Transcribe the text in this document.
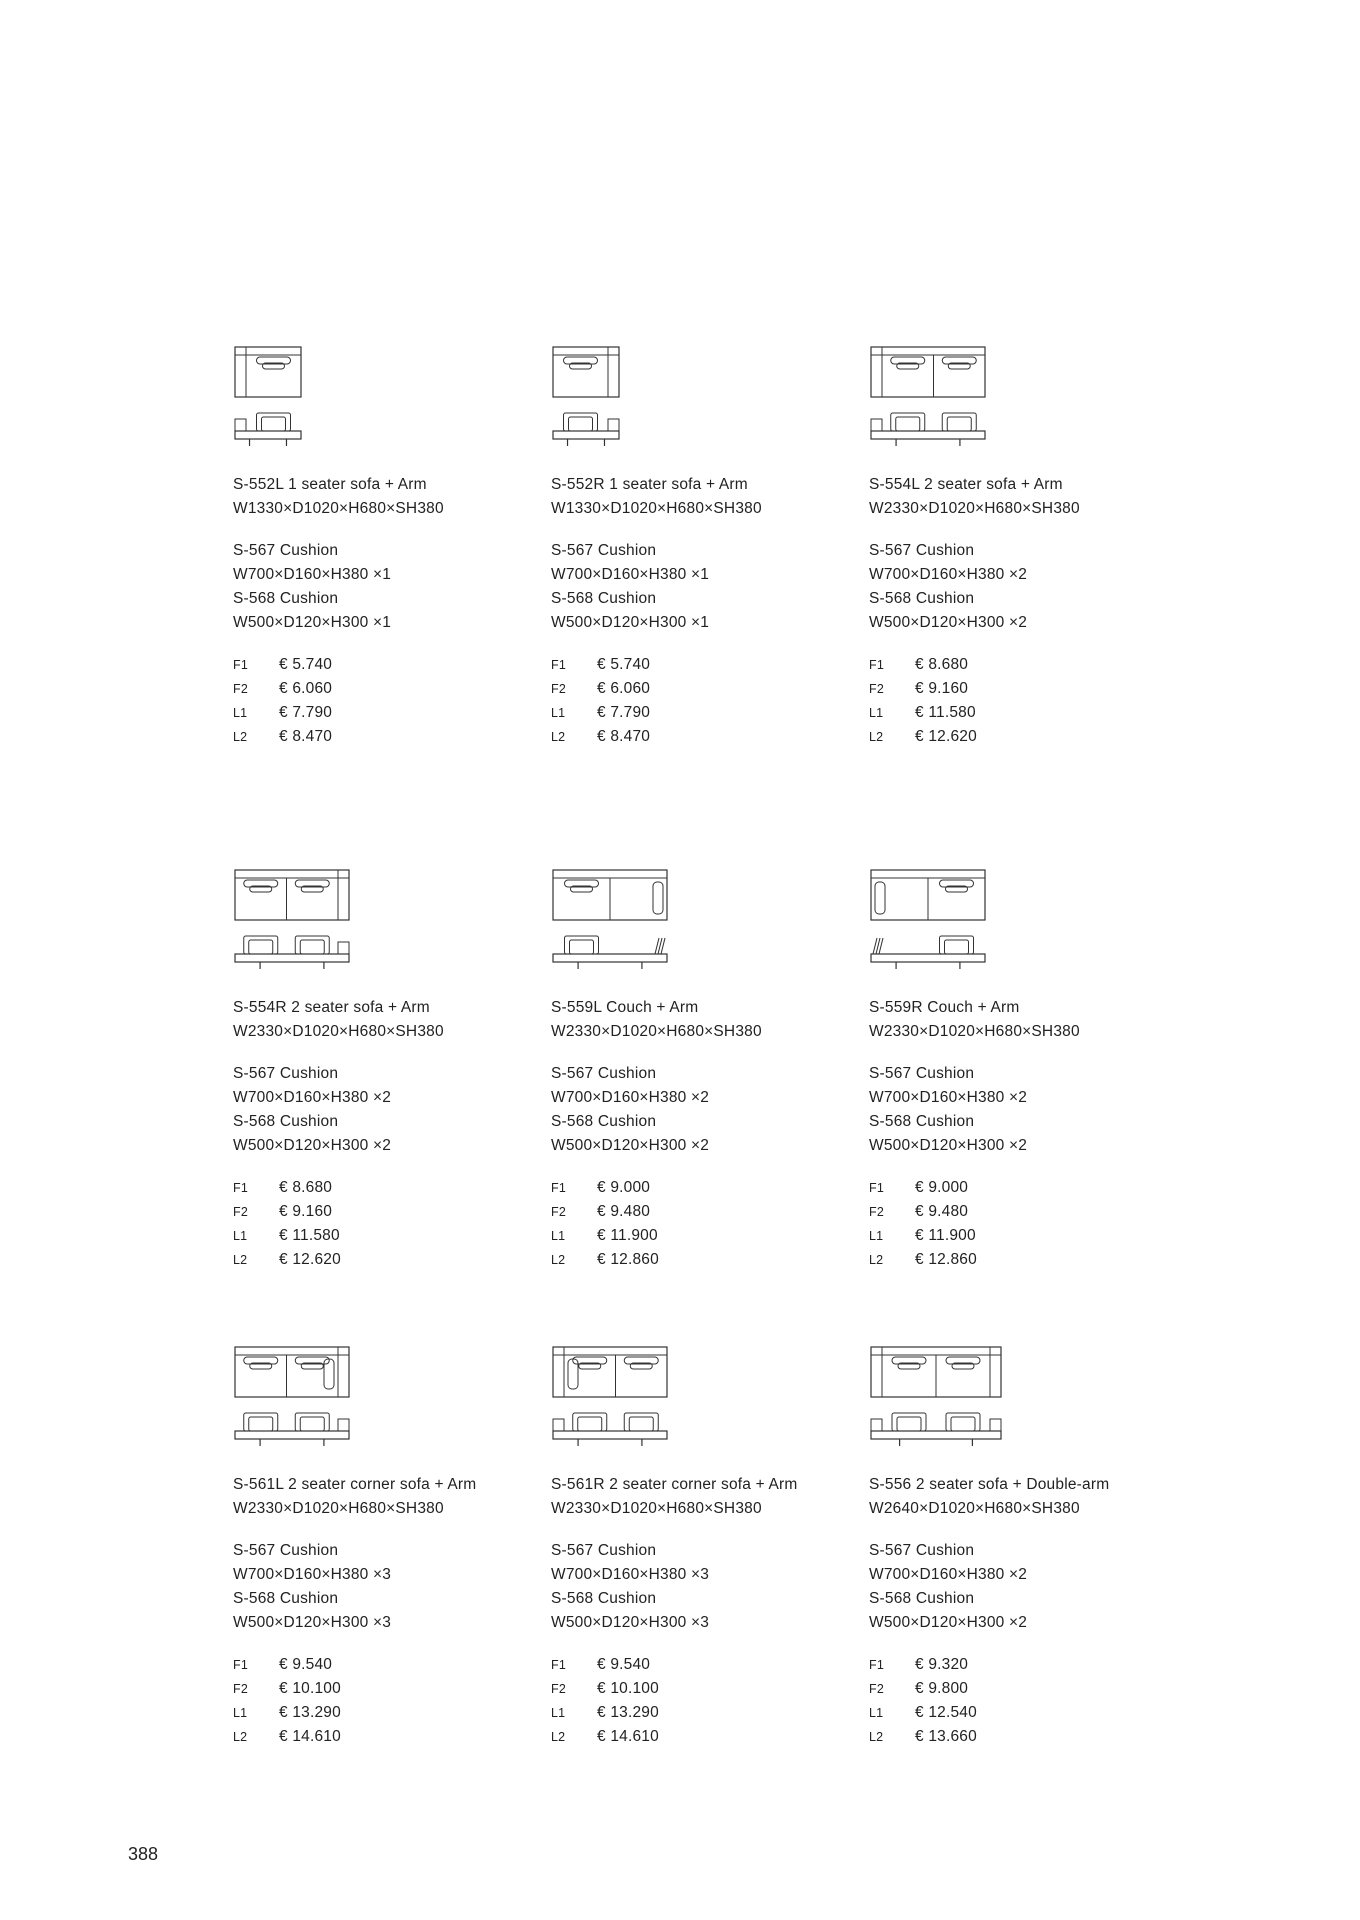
S-552L 1 seater sofa + Arm
W1330×D1020×H680×SH380
S-567 Cushion
W700×D160×H380 ×1
S-568 Cushion
W500×D120×H300 ×1
F1 € 5.740
F2 € 6.060
L1 € 7.790
L2 € 8.470
S-552R 1 seater sofa + Arm
W1330×D1020×H680×SH380
S-567 Cushion
W700×D160×H380 ×1
S-568 Cushion
W500×D120×H300 ×1
F1 € 5.740
F2 € 6.060
L1 € 7.790
L2 € 8.470
S-554L 2 seater sofa + Arm
W2330×D1020×H680×SH380
S-567 Cushion
W700×D160×H380 ×2
S-568 Cushion
W500×D120×H300 ×2
F1 € 8.680
F2 € 9.160
L1 € 11.580
L2 € 12.620
S-554R 2 seater sofa + Arm
W2330×D1020×H680×SH380
S-567 Cushion
W700×D160×H380 ×2
S-568 Cushion
W500×D120×H300 ×2
F1 € 8.680
F2 € 9.160
L1 € 11.580
L2 € 12.620
S-559L Couch + Arm
W2330×D1020×H680×SH380
S-567 Cushion
W700×D160×H380 ×2
S-568 Cushion
W500×D120×H300 ×2
F1 € 9.000
F2 € 9.480
L1 € 11.900
L2 € 12.860
S-559R Couch + Arm
W2330×D1020×H680×SH380
S-567 Cushion
W700×D160×H380 ×2
S-568 Cushion
W500×D120×H300 ×2
F1 € 9.000
F2 € 9.480
L1 € 11.900
L2 € 12.860
S-561L 2 seater corner sofa + Arm
W2330×D1020×H680×SH380
S-567 Cushion
W700×D160×H380 ×3
S-568 Cushion
W500×D120×H300 ×3
F1 € 9.540
F2 € 10.100
L1 € 13.290
L2 € 14.610
S-561R 2 seater corner sofa + Arm
W2330×D1020×H680×SH380
S-567 Cushion
W700×D160×H380 ×3
S-568 Cushion
W500×D120×H300 ×3
F1 € 9.540
F2 € 10.100
L1 € 13.290
L2 € 14.610
S-556 2 seater sofa + Double-arm
W2640×D1020×H680×SH380
S-567 Cushion
W700×D160×H380 ×2
S-568 Cushion
W500×D120×H300 ×2
F1 € 9.320
F2 € 9.800
L1 € 12.540
L2 € 13.660
388
